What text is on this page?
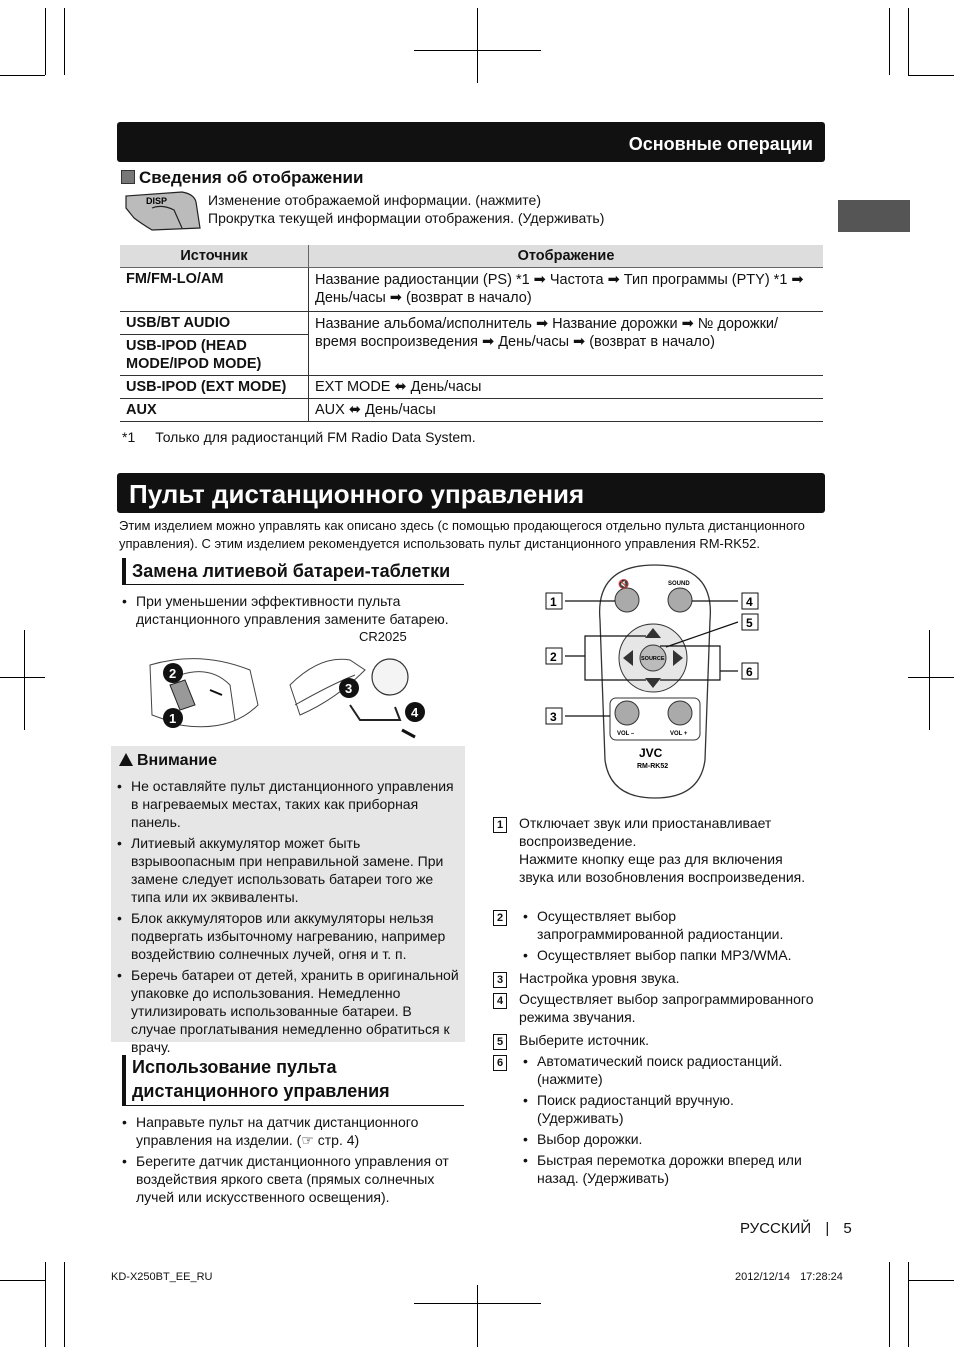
Основные операции
Сведения об отображении
DISP	Изменение отображаемой информации. (нажмите)
Прокрутка текущей информации отображения. (Удерживать)
Источник	Отображение
FM/FM-LO/AM	Название радиостанции (PS) *1 ➡ Частота ➡ Тип программы (PTY) *1 ➡ День/часы ➡ (возврат в начало)
USB/BT AUDIO	Название альбома/исполнитель ➡ Название дорожки ➡ № дорожки/время воспроизведения ➡ День/часы ➡ (возврат в начало)
USB-IPOD (HEAD MODE/IPOD MODE)	
USB-IPOD (EXT MODE)	EXT MODE ⬌ День/часы
AUX	AUX ⬌ День/часы
*1 Только для радиостанций FM Radio Data System.
Пульт дистанционного управления
Этим изделием можно управлять как описано здесь (с помощью продающегося отдельно пульта дистанционного управления). С этим изделием рекомендуется использовать пульт дистанционного управления RM-RK52.
Замена литиевой батареи-таблетки
• При уменьшении эффективности пульта дистанционного управления замените батарею.
CR2025
2
1
3
4
Внимание
• Не оставляйте пульт дистанционного управления в нагреваемых местах, таких как приборная панель.
• Литиевый аккумулятор может быть взрывоопасным при неправильной замене. При замене следует использовать батареи того же типа или их эквиваленты.
• Блок аккумуляторов или аккумуляторы нельзя подвергать избыточному нагреванию, например воздействию солнечных лучей, огня и т. п.
• Беречь батареи от детей, хранить в оригинальной упаковке до использования. Немедленно утилизировать использованные батареи. В случае проглатывания немедленно обратиться к врачу.
Использование пульта
дистанционного управления
• Направьте пульт на датчик дистанционного управления на изделии. (☞ стр. 4)
• Берегите датчик дистанционного управления от воздействия яркого света (прямых солнечных лучей или искусственного освещения).
🔇	SOUND
SOURCE
VOL –	VOL +
JVC
RM-RK52
1
2
3
4
5
6
1 Отключает звук или приостанавливает воспроизведение.
Нажмите кнопку еще раз для включения звука или возобновления воспроизведения.
2	• Осуществляет выбор запрограммированной радиостанции.
• Осуществляет выбор папки MP3/WMA.
3 Настройка уровня звука.
4 Осуществляет выбор запрограммированного режима звучания.
5 Выберите источник.
6	• Автоматический поиск радиостанций. (нажмите)
• Поиск радиостанций вручную. (Удерживать)
• Выбор дорожки.
• Быстрая перемотка дорожки вперед или назад. (Удерживать)
РУССКИЙ | 5
KD-X250BT_EE_RU	2012/12/14 17:28:24
